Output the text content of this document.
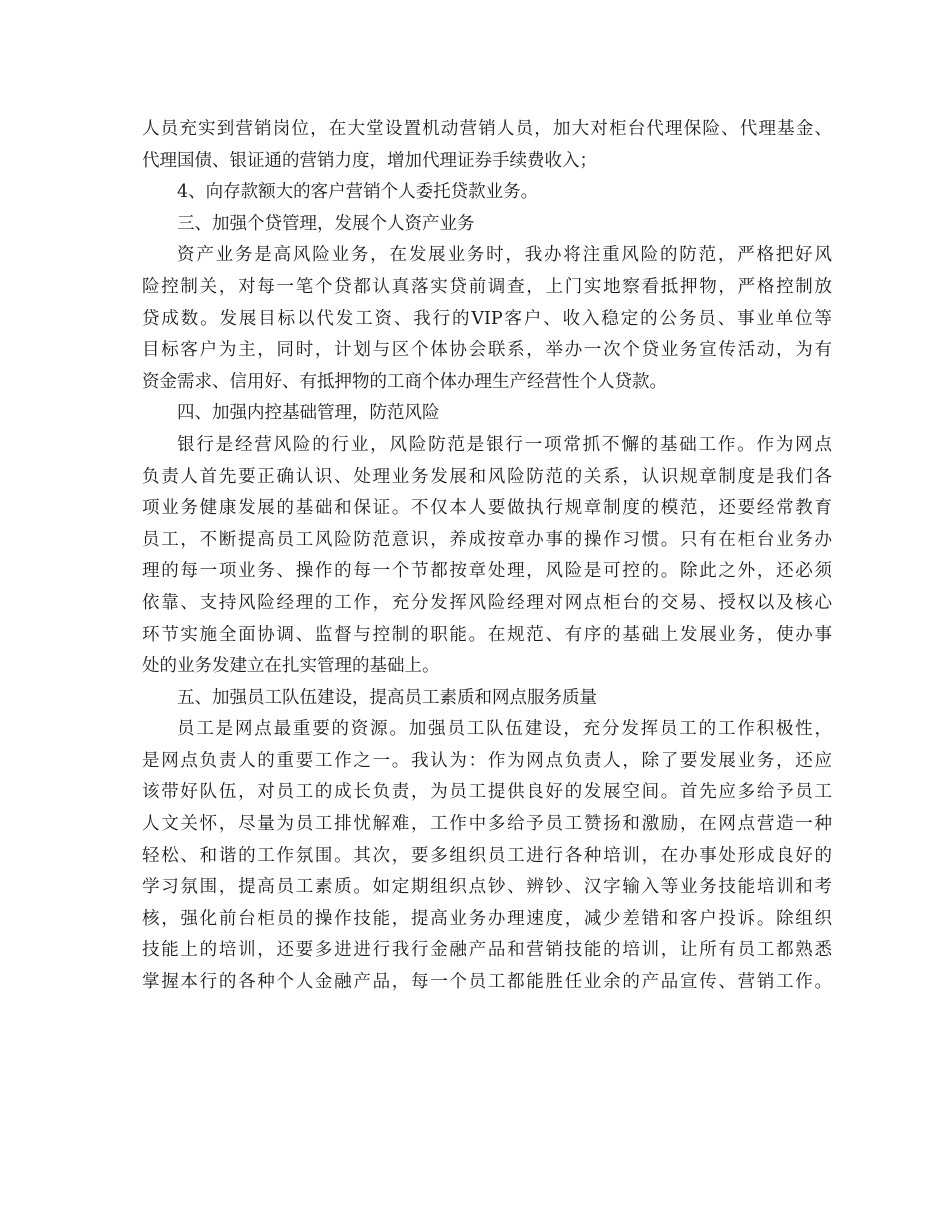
人员充实到营销岗位，在大堂设置机动营销人员，加大对柜台代理保险、代理基金、
代理国债、银证通的营销力度，增加代理证券手续费收入；
4、向存款额大的客户营销个人委托贷款业务。
三、加强个贷管理，发展个人资产业务
资产业务是高风险业务，在发展业务时，我办将注重风险的防范，严格把好风
险控制关，对每一笔个贷都认真落实贷前调查，上门实地察看抵押物，严格控制放
贷成数。发展目标以代发工资、我行的VIP客户、收入稳定的公务员、事业单位等
目标客户为主，同时，计划与区个体协会联系，举办一次个贷业务宣传活动，为有
资金需求、信用好、有抵押物的工商个体办理生产经营性个人贷款。
四、加强内控基础管理，防范风险
银行是经营风险的行业，风险防范是银行一项常抓不懈的基础工作。作为网点
负责人首先要正确认识、处理业务发展和风险防范的关系，认识规章制度是我们各
项业务健康发展的基础和保证。不仅本人要做执行规章制度的模范，还要经常教育
员工，不断提高员工风险防范意识，养成按章办事的操作习惯。只有在柜台业务办
理的每一项业务、操作的每一个节都按章处理，风险是可控的。除此之外，还必须
依靠、支持风险经理的工作，充分发挥风险经理对网点柜台的交易、授权以及核心
环节实施全面协调、监督与控制的职能。在规范、有序的基础上发展业务，使办事
处的业务发建立在扎实管理的基础上。
五、加强员工队伍建设，提高员工素质和网点服务质量
员工是网点最重要的资源。加强员工队伍建设，充分发挥员工的工作积极性，
是网点负责人的重要工作之一。我认为：作为网点负责人，除了要发展业务，还应
该带好队伍，对员工的成长负责，为员工提供良好的发展空间。首先应多给予员工
人文关怀，尽量为员工排忧解难，工作中多给予员工赞扬和激励，在网点营造一种
轻松、和谐的工作氛围。其次，要多组织员工进行各种培训，在办事处形成良好的
学习氛围，提高员工素质。如定期组织点钞、辨钞、汉字输入等业务技能培训和考
核，强化前台柜员的操作技能，提高业务办理速度，减少差错和客户投诉。除组织
技能上的培训，还要多进进行我行金融产品和营销技能的培训，让所有员工都熟悉
掌握本行的各种个人金融产品，每一个员工都能胜任业余的产品宣传、营销工作。
